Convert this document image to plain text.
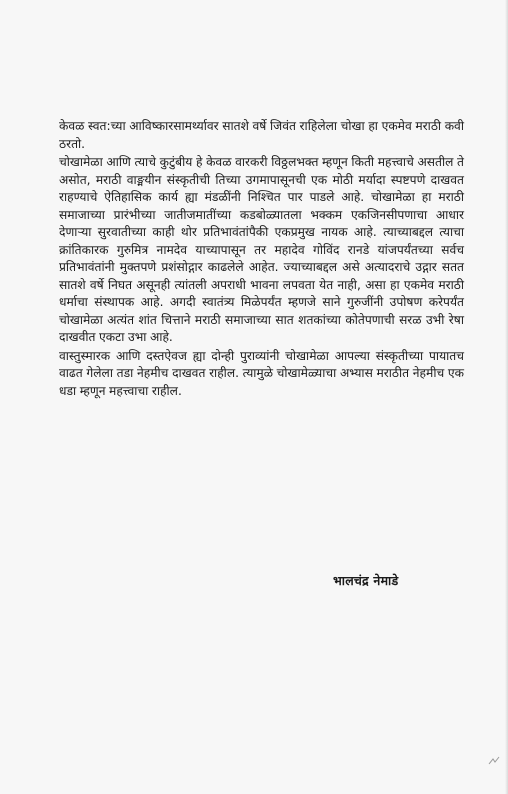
केवळ स्वत:च्या आविष्कारसामर्थ्यावर सातशे वर्षे जिवंत राहिलेला चोखा हा एकमेव मराठी कवी ठरतो.

चोखामेळा आणि त्याचे कुटुंबीय हे केवळ वारकरी विठ्ठलभक्त म्हणून किती महत्त्वाचे असतील ते असोत, मराठी वाङ्मयीन संस्कृतीची तिच्या उगमापासूनची एक मोठी मर्यादा स्पष्टपणे दाखवत राहण्याचे ऐतिहासिक कार्य ह्या मंडळींनी निश्चित पार पाडले आहे. चोखामेळा हा मराठी समाजाच्या प्रारंभीच्या जातीजमातींच्या कडबोळ्यातला भक्कम एकजिनसीपणाचा आधार देणाऱ्या सुरवातीच्या काही थोर प्रतिभावंतांपैकी एकप्रमुख नायक आहे. त्याच्याबद्दल त्याचा क्रांतिकारक गुरुमित्र नामदेव याच्यापासून तर महादेव गोविंद रानडे यांजपर्यंतच्या सर्वच प्रतिभावंतांनी मुक्तपणे प्रशंसोद्गार काढलेले आहेत. ज्याच्याबद्दल असे अत्यादराचे उद्गार सतत सातशे वर्षे निघत असूनही त्यांतली अपराधी भावना लपवता येत नाही, असा हा एकमेव मराठी धर्माचा संस्थापक आहे. अगदी स्वातंत्र्य मिळेपर्यंत म्हणजे साने गुरुजींनी उपोषण करेपर्यंत चोखामेळा अत्यंत शांत चित्ताने मराठी समाजाच्या सात शतकांच्या कोतेपणाची सरळ उभी रेषा दाखवीत एकटा उभा आहे.

वास्तुस्मारक आणि दस्तऐवज ह्या दोन्ही पुराव्यांनी चोखामेळा आपल्या संस्कृतीच्या पायातच वाढत गेलेला तडा नेहमीच दाखवत राहील. त्यामुळे चोखामेळ्याचा अभ्यास मराठीत नेहमीच एक धडा म्हणून महत्त्वाचा राहील.

भालचंद्र नेमाडे
